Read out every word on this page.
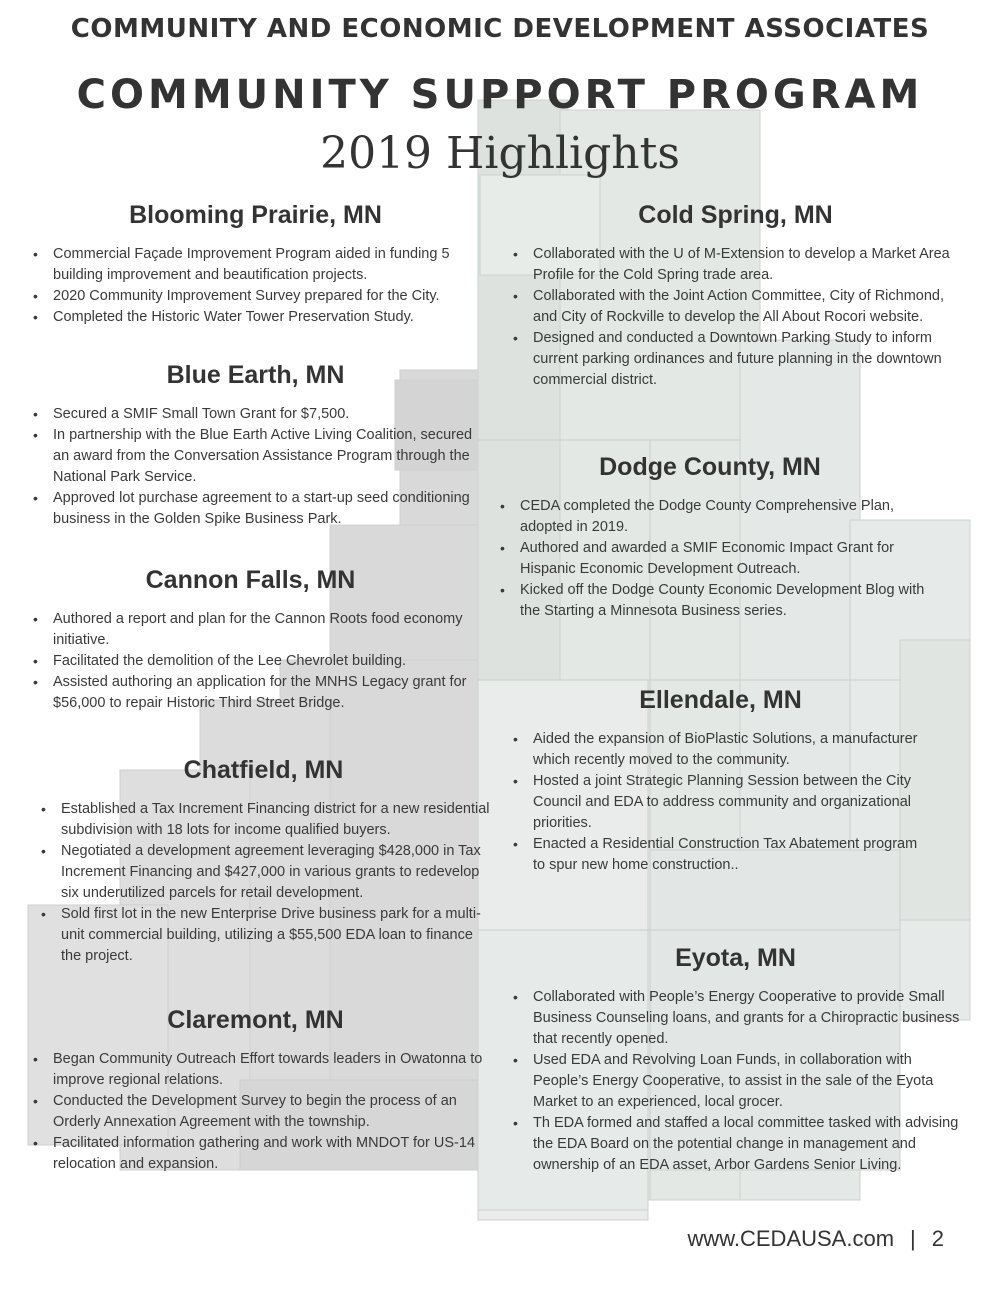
COMMUNITY AND ECONOMIC DEVELOPMENT ASSOCIATES
COMMUNITY SUPPORT PROGRAM
2019 Highlights
Blooming Prairie, MN
• Commercial Façade Improvement Program aided in funding 5 building improvement and beautification projects.
• 2020 Community Improvement Survey prepared for the City.
• Completed the Historic Water Tower Preservation Study.
Blue Earth, MN
• Secured a SMIF Small Town Grant for $7,500.
• In partnership with the Blue Earth Active Living Coalition, secured an award from the Conversation Assistance Program through the National Park Service.
• Approved lot purchase agreement to a start-up seed conditioning business in the Golden Spike Business Park.
Cannon Falls, MN
• Authored a report and plan for the Cannon Roots food economy initiative.
• Facilitated the demolition of the Lee Chevrolet building.
• Assisted authoring an application for the MNHS Legacy grant for $56,000 to repair Historic Third Street Bridge.
Chatfield, MN
• Established a Tax Increment Financing district for a new residential subdivision with 18 lots for income qualified buyers.
• Negotiated a development agreement leveraging $428,000 in Tax Increment Financing and $427,000 in various grants to redevelop six underutilized parcels for retail development.
• Sold first lot in the new Enterprise Drive business park for a multi-unit commercial building, utilizing a $55,500 EDA loan to finance the project.
Claremont, MN
• Began Community Outreach Effort towards leaders in Owatonna to improve regional relations.
• Conducted the Development Survey to begin the process of an Orderly Annexation Agreement with the township.
• Facilitated information gathering and work with MNDOT for US-14 relocation and expansion.
Cold Spring, MN
• Collaborated with the U of M-Extension to develop a Market Area Profile for the Cold Spring trade area.
• Collaborated with the Joint Action Committee, City of Richmond, and City of Rockville to develop the All About Rocori website.
• Designed and conducted a Downtown Parking Study to inform current parking ordinances and future planning in the downtown commercial district.
Dodge County, MN
• CEDA completed the Dodge County Comprehensive Plan, adopted in 2019.
• Authored and awarded a SMIF Economic Impact Grant for Hispanic Economic Development Outreach.
• Kicked off the Dodge County Economic Development Blog with the Starting a Minnesota Business series.
Ellendale, MN
• Aided the expansion of BioPlastic Solutions, a manufacturer which recently moved to the community.
• Hosted a joint Strategic Planning Session between the City Council and EDA to address community and organizational priorities.
• Enacted a Residential Construction Tax Abatement program to spur new home construction..
Eyota, MN
• Collaborated with People’s Energy Cooperative to provide Small Business Counseling loans, and grants for a Chiropractic business that recently opened.
• Used EDA and Revolving Loan Funds, in collaboration with People’s Energy Cooperative, to assist in the sale of the Eyota Market to an experienced, local grocer.
• Th EDA formed and staffed a local committee tasked with advising the EDA Board on the potential change in management and ownership of an EDA asset, Arbor Gardens Senior Living.
www.CEDAUSA.com | 2
